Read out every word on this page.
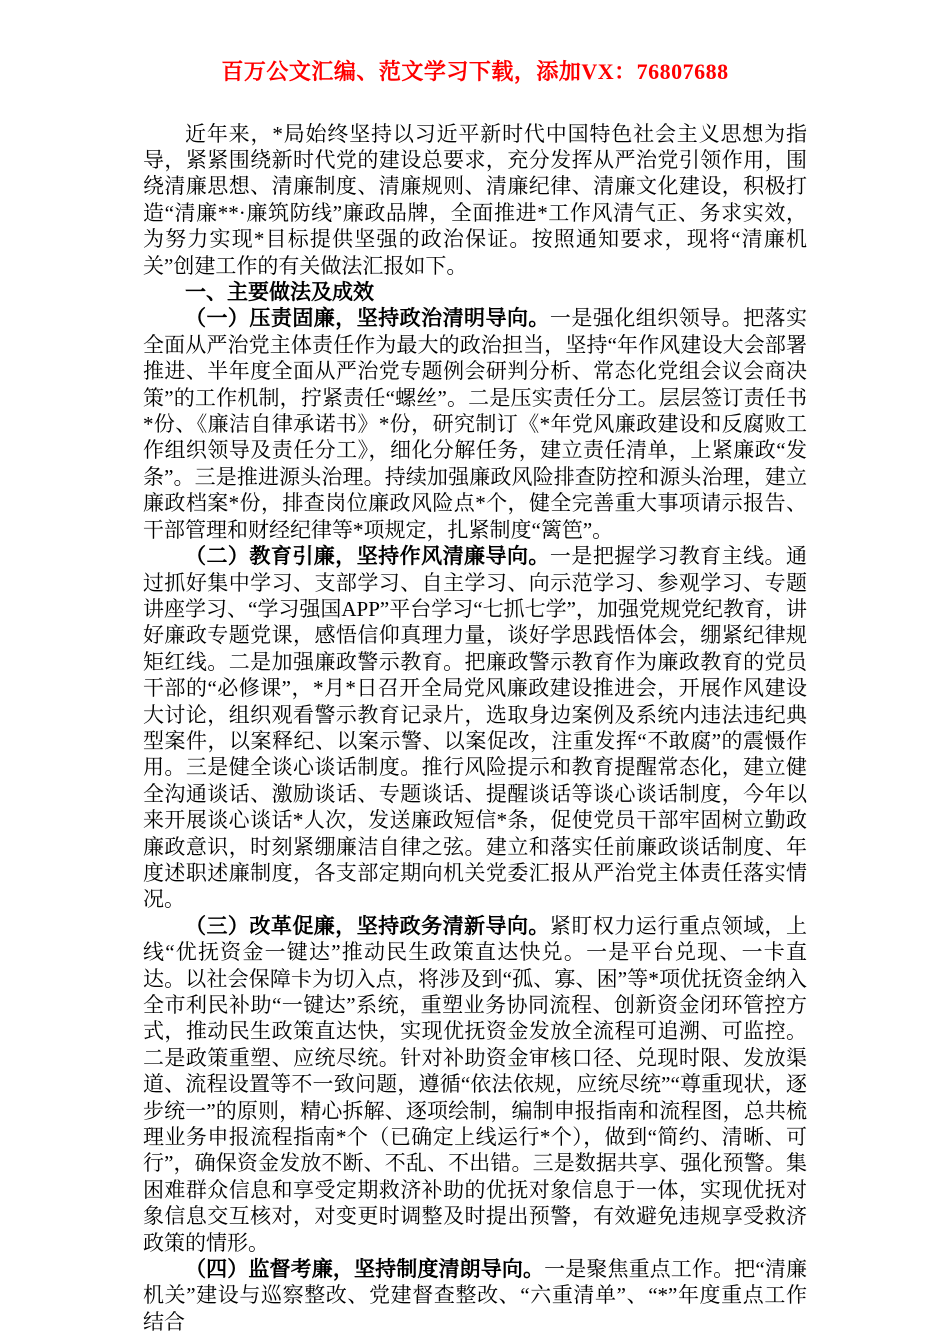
百万公文汇编、范文学习下载，添加VX：76807688

近年来，*局始终坚持以习近平新时代中国特色社会主义思想为指导，紧紧围绕新时代党的建设总要求，充分发挥从严治党引领作用，围绕清廉思想、清廉制度、清廉规则、清廉纪律、清廉文化建设，积极打造“清廉**·廉筑防线”廉政品牌，全面推进*工作风清气正、务求实效，为努力实现*目标提供坚强的政治保证。按照通知要求，现将“清廉机关”创建工作的有关做法汇报如下。

一、主要做法及成效

（一）压责固廉，坚持政治清明导向。一是强化组织领导。把落实全面从严治党主体责任作为最大的政治担当，坚持“年作风建设大会部署推进、半年度全面从严治党专题例会研判分析、常态化党组会议会商决策”的工作机制，拧紧责任“螺丝”。二是压实责任分工。层层签订责任书*份、《廉洁自律承诺书》*份，研究制订《*年党风廉政建设和反腐败工作组织领导及责任分工》，细化分解任务，建立责任清单，上紧廉政“发条”。三是推进源头治理。持续加强廉政风险排查防控和源头治理，建立廉政档案*份，排查岗位廉政风险点*个，健全完善重大事项请示报告、干部管理和财经纪律等*项规定，扎紧制度“篱笆”。

（二）教育引廉，坚持作风清廉导向。一是把握学习教育主线。通过抓好集中学习、支部学习、自主学习、向示范学习、参观学习、专题讲座学习、“学习强国APP”平台学习“七抓七学”，加强党规党纪教育，讲好廉政专题党课，感悟信仰真理力量，谈好学思践悟体会，绷紧纪律规矩红线。二是加强廉政警示教育。把廉政警示教育作为廉政教育的党员干部的“必修课”，*月*日召开全局党风廉政建设推进会，开展作风建设大讨论，组织观看警示教育记录片，选取身边案例及系统内违法违纪典型案件，以案释纪、以案示警、以案促改，注重发挥“不敢腐”的震慑作用。三是健全谈心谈话制度。推行风险提示和教育提醒常态化，建立健全沟通谈话、激励谈话、专题谈话、提醒谈话等谈心谈话制度，今年以来开展谈心谈话*人次，发送廉政短信*条，促使党员干部牢固树立勤政廉政意识，时刻紧绷廉洁自律之弦。建立和落实任前廉政谈话制度、年度述职述廉制度，各支部定期向机关党委汇报从严治党主体责任落实情况。

（三）改革促廉，坚持政务清新导向。紧盯权力运行重点领域，上线“优抚资金一键达”推动民生政策直达快兑。一是平台兑现、一卡直达。以社会保障卡为切入点，将涉及到“孤、寡、困”等*项优抚资金纳入全市利民补助“一键达”系统，重塑业务协同流程、创新资金闭环管控方式，推动民生政策直达快，实现优抚资金发放全流程可追溯、可监控。二是政策重塑、应统尽统。针对补助资金审核口径、兑现时限、发放渠道、流程设置等不一致问题，遵循“依法依规，应统尽统”“尊重现状，逐步统一”的原则，精心拆解、逐项绘制，编制申报指南和流程图，总共梳理业务申报流程指南*个（已确定上线运行*个），做到“简约、清晰、可行”，确保资金发放不断、不乱、不出错。三是数据共享、强化预警。集困难群众信息和享受定期救济补助的优抚对象信息于一体，实现优抚对象信息交互核对，对变更时调整及时提出预警，有效避免违规享受救济政策的情形。

（四）监督考廉，坚持制度清朗导向。一是聚焦重点工作。把“清廉机关”建设与巡察整改、党建督查整改、“六重清单”、“*”年度重点工作结合
